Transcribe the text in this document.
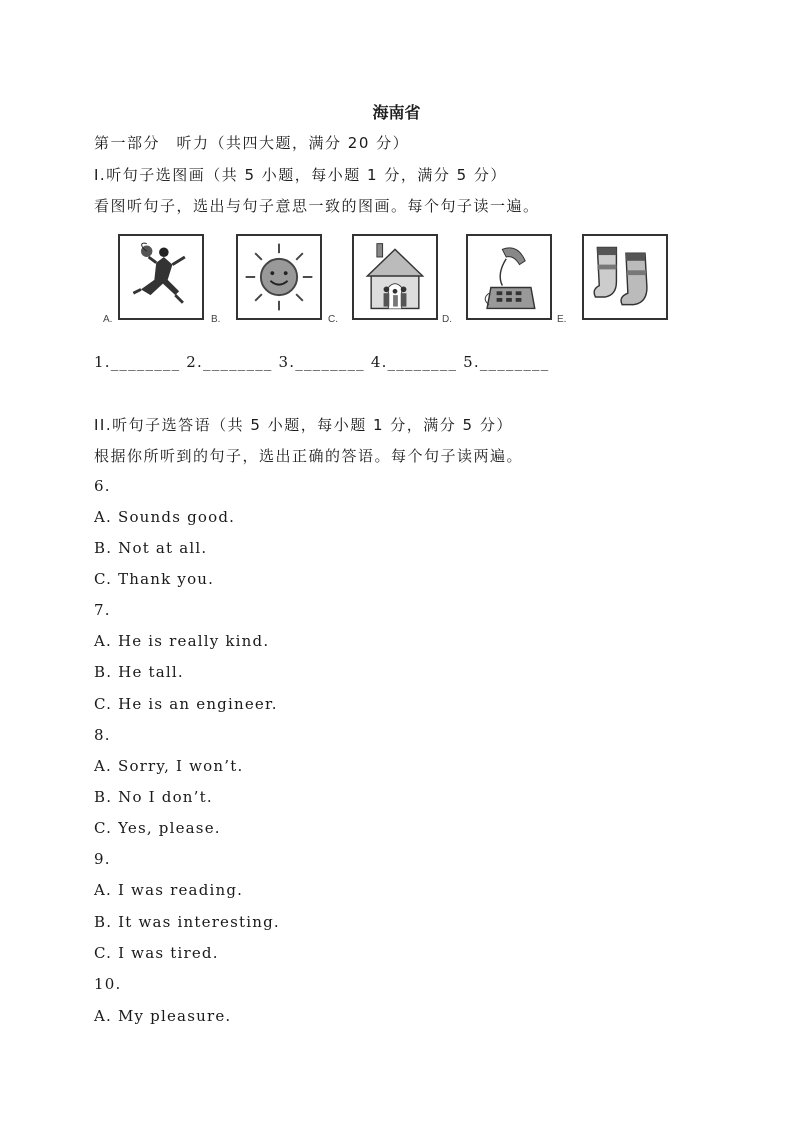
海南省
第一部分　听力（共四大题，满分 20 分）
I.听句子选图画（共 5 小题，每小题 1 分，满分 5 分）
看图听句子，选出与句子意思一致的图画。每个句子读一遍。
A.	B.	C.	D.	E.
1.________ 2.________ 3.________ 4.________ 5.________
II.听句子选答语（共 5 小题，每小题 1 分，满分 5 分）
根据你所听到的句子，选出正确的答语。每个句子读两遍。
6.
A. Sounds good.
B. Not at all.
C. Thank you.
7.
A. He is really kind.
B. He tall.
C. He is an engineer.
8.
A. Sorry, I won’t.
B. No I don’t.
C. Yes, please.
9.
A. I was reading.
B. It was interesting.
C. I was tired.
10.
A. My pleasure.
